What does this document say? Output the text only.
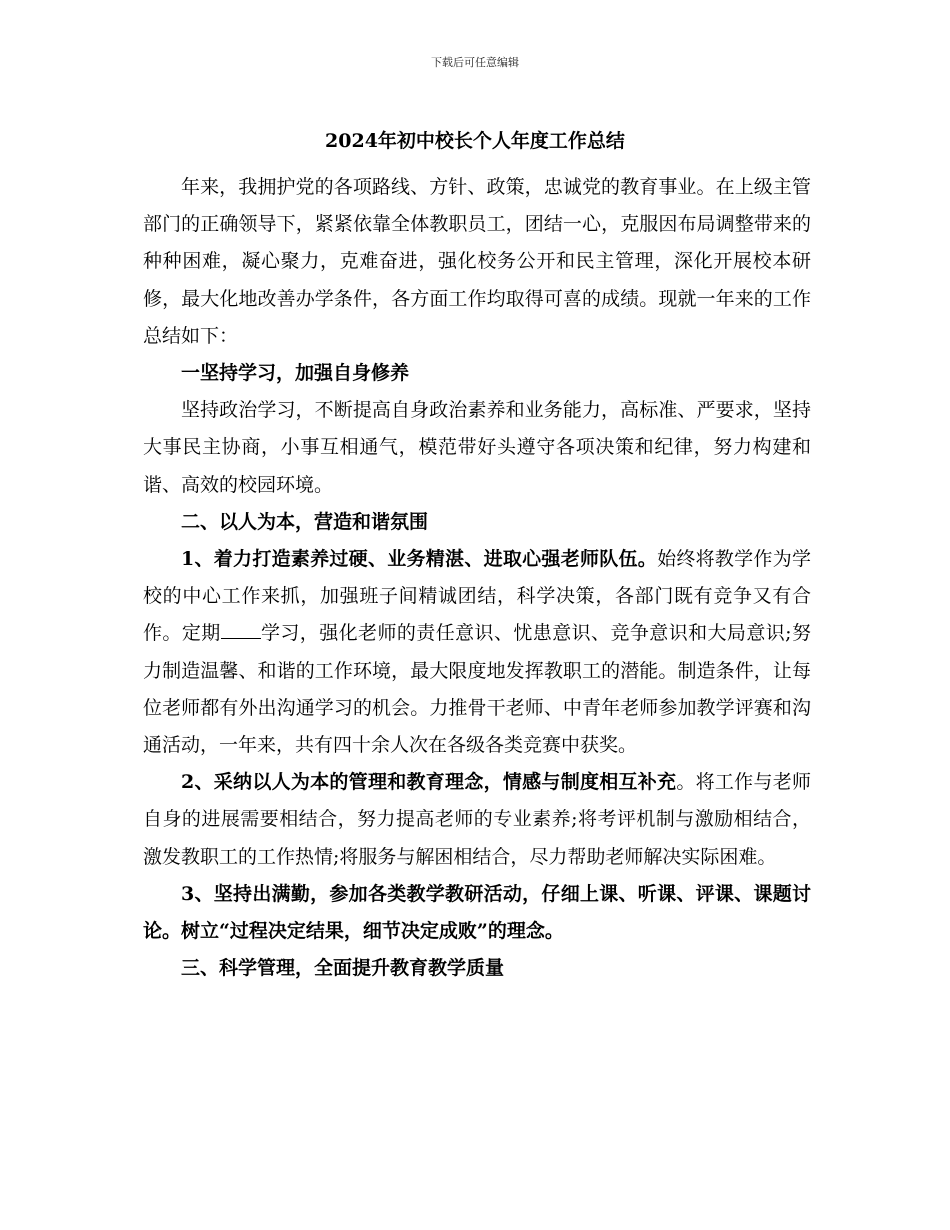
下载后可任意编辑
2024年初中校长个人年度工作总结

年来，我拥护党的各项路线、方针、政策，忠诚党的教育事业。在上级主管部门的正确领导下，紧紧依靠全体教职员工，团结一心，克服因布局调整带来的种种困难，凝心聚力，克难奋进，强化校务公开和民主管理，深化开展校本研修，最大化地改善办学条件，各方面工作均取得可喜的成绩。现就一年来的工作总结如下：

一坚持学习，加强自身修养

坚持政治学习，不断提高自身政治素养和业务能力，高标准、严要求，坚持大事民主协商，小事互相通气，模范带好头遵守各项决策和纪律，努力构建和谐、高效的校园环境。

二、以人为本，营造和谐氛围

1、着力打造素养过硬、业务精湛、进取心强老师队伍。始终将教学作为学校的中心工作来抓，加强班子间精诚团结，科学决策，各部门既有竞争又有合作。定期 学习，强化老师的责任意识、忧患意识、竞争意识和大局意识;努力制造温馨、和谐的工作环境，最大限度地发挥教职工的潜能。制造条件，让每位老师都有外出沟通学习的机会。力推骨干老师、中青年老师参加教学评赛和沟通活动，一年来，共有四十余人次在各级各类竞赛中获奖。

2、采纳以人为本的管理和教育理念，情感与制度相互补充。将工作与老师自身的进展需要相结合，努力提高老师的专业素养;将考评机制与激励相结合，激发教职工的工作热情;将服务与解困相结合，尽力帮助老师解决实际困难。

3、坚持出满勤，参加各类教学教研活动，仔细上课、听课、评课、课题讨论。树立“过程决定结果，细节决定成败”的理念。

三、科学管理，全面提升教育教学质量
